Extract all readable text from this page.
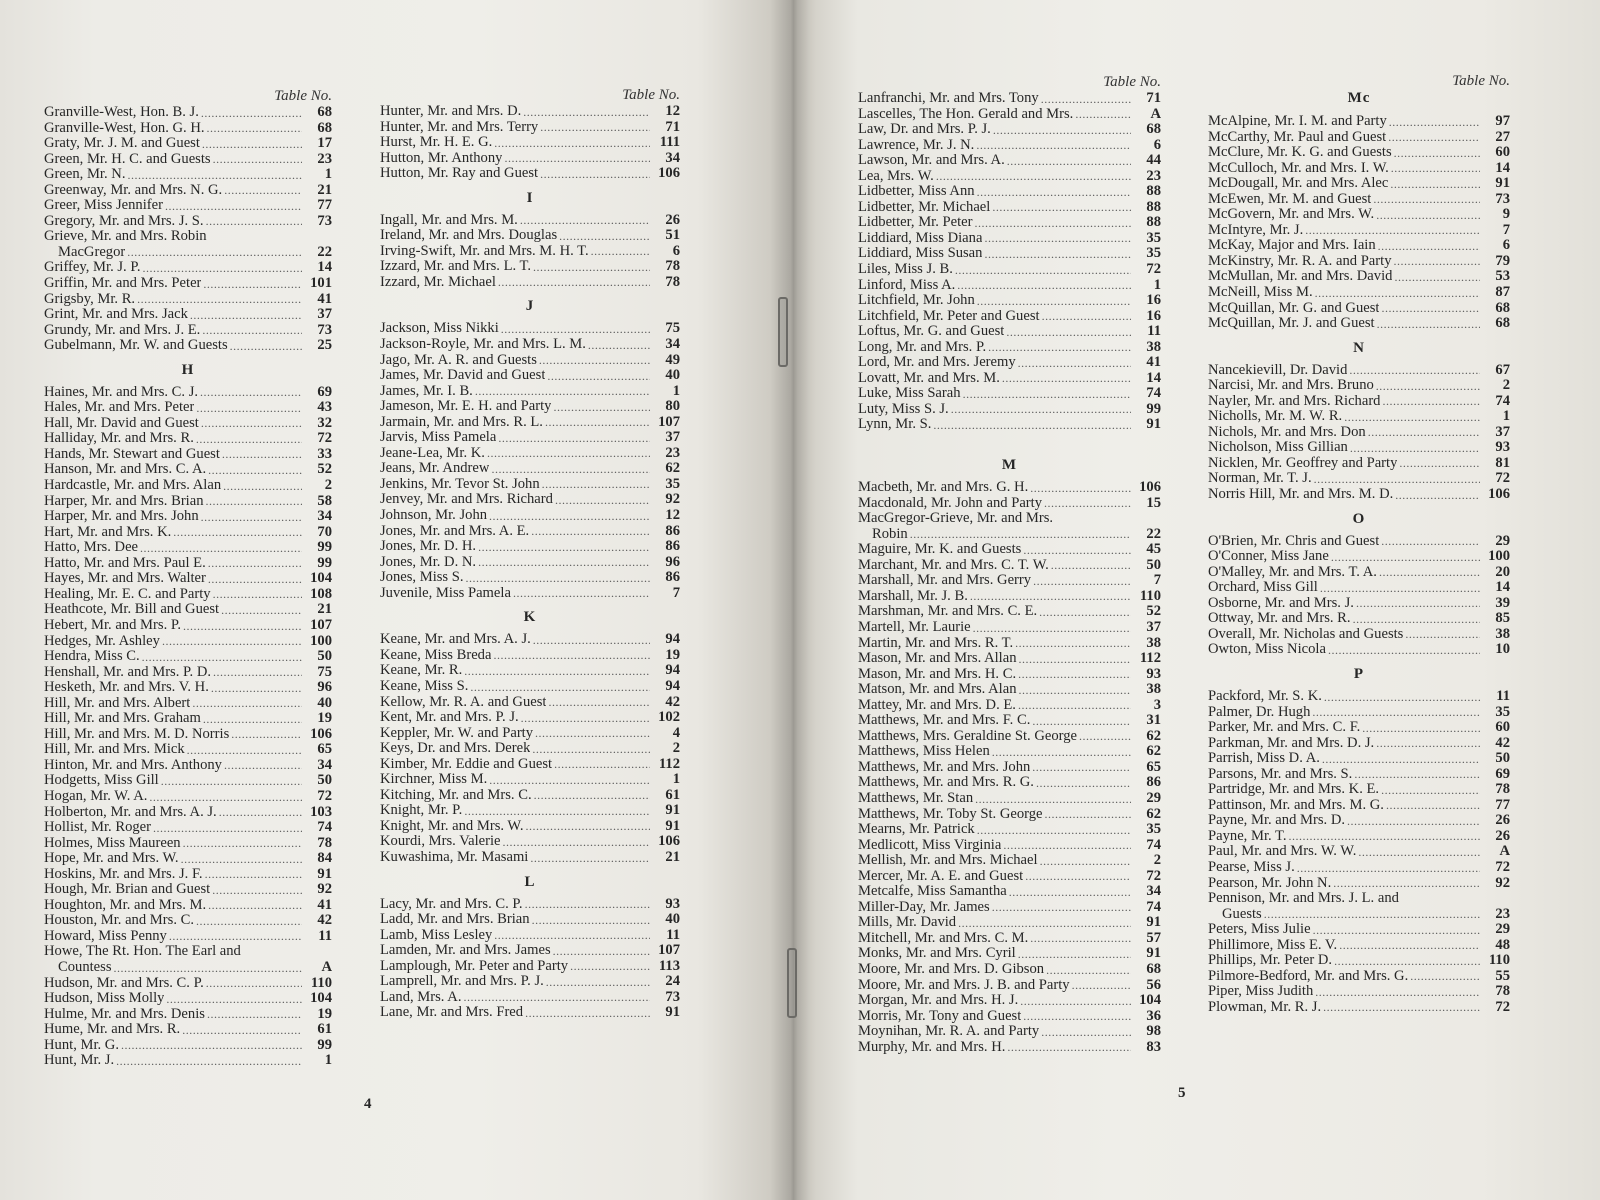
Table No.
Granville-West, Hon. B. J. .....	68
Granville-West, Hon. G. H. .....	68
Graty, Mr. J. M. and Guest .....	17
Green, Mr. H. C. and Guests .....	23
Green, Mr. N. .....	1
Greenway, Mr. and Mrs. N. G. .....	21
Greer, Miss Jennifer .....	77
Gregory, Mr. and Mrs. J. S. .....	73
Grieve, Mr. and Mrs. Robin
MacGregor .....	22
Griffey, Mr. J. P. .....	14
Griffin, Mr. and Mrs. Peter .....	101
Grigsby, Mr. R. .....	41
Grint, Mr. and Mrs. Jack .....	37
Grundy, Mr. and Mrs. J. E. .....	73
Gubelmann, Mr. W. and Guests .....	25
H
Haines, Mr. and Mrs. C. J. .....	69
Hales, Mr. and Mrs. Peter .....	43
Hall, Mr. David and Guest .....	32
Halliday, Mr. and Mrs. R. .....	72
Hands, Mr. Stewart and Guest .....	33
Hanson, Mr. and Mrs. C. A. .....	52
Hardcastle, Mr. and Mrs. Alan .....	2
Harper, Mr. and Mrs. Brian .....	58
Harper, Mr. and Mrs. John .....	34
Hart, Mr. and Mrs. K. .....	70
Hatto, Mrs. Dee .....	99
Hatto, Mr. and Mrs. Paul E. .....	99
Hayes, Mr. and Mrs. Walter .....	104
Healing, Mr. E. C. and Party .....	108
Heathcote, Mr. Bill and Guest .....	21
Hebert, Mr. and Mrs. P. .....	107
Hedges, Mr. Ashley .....	100
Hendra, Miss C. .....	50
Henshall, Mr. and Mrs. P. D. .....	75
Hesketh, Mr. and Mrs. V. H. .....	96
Hill, Mr. and Mrs. Albert .....	40
Hill, Mr. and Mrs. Graham .....	19
Hill, Mr. and Mrs. M. D. Norris .....	106
Hill, Mr. and Mrs. Mick .....	65
Hinton, Mr. and Mrs. Anthony .....	34
Hodgetts, Miss Gill .....	50
Hogan, Mr. W. A. .....	72
Holberton, Mr. and Mrs. A. J. .....	103
Hollist, Mr. Roger .....	74
Holmes, Miss Maureen .....	78
Hope, Mr. and Mrs. W. .....	84
Hoskins, Mr. and Mrs. J. F. .....	91
Hough, Mr. Brian and Guest .....	92
Houghton, Mr. and Mrs. M. .....	41
Houston, Mr. and Mrs. C. .....	42
Howard, Miss Penny .....	11
Howe, The Rt. Hon. The Earl and
Countess .....	A
Hudson, Mr. and Mrs. C. P. .....	110
Hudson, Miss Molly .....	104
Hulme, Mr. and Mrs. Denis .....	19
Hume, Mr. and Mrs. R. .....	61
Hunt, Mr. G. .....	99
Hunt, Mr. J. .....	1
Table No.
Hunter, Mr. and Mrs. D. .....	12
Hunter, Mr. and Mrs. Terry .....	71
Hurst, Mr. H. E. G. .....	111
Hutton, Mr. Anthony .....	34
Hutton, Mr. Ray and Guest .....	106
I
Ingall, Mr. and Mrs. M. .....	26
Ireland, Mr. and Mrs. Douglas .....	51
Irving-Swift, Mr. and Mrs. M. H. T. .....	6
Izzard, Mr. and Mrs. L. T. .....	78
Izzard, Mr. Michael .....	78
J
Jackson, Miss Nikki .....	75
Jackson-Royle, Mr. and Mrs. L. M. .....	34
Jago, Mr. A. R. and Guests .....	49
James, Mr. David and Guest .....	40
James, Mr. I. B. .....	1
Jameson, Mr. E. H. and Party .....	80
Jarmain, Mr. and Mrs. R. L. .....	107
Jarvis, Miss Pamela .....	37
Jeane-Lea, Mr. K. .....	23
Jeans, Mr. Andrew .....	62
Jenkins, Mr. Tevor St. John .....	35
Jenvey, Mr. and Mrs. Richard .....	92
Johnson, Mr. John .....	12
Jones, Mr. and Mrs. A. E. .....	86
Jones, Mr. D. H. .....	86
Jones, Mr. D. N. .....	96
Jones, Miss S. .....	86
Juvenile, Miss Pamela .....	7
K
Keane, Mr. and Mrs. A. J. .....	94
Keane, Miss Breda .....	19
Keane, Mr. R. .....	94
Keane, Miss S. .....	94
Kellow, Mr. R. A. and Guest .....	42
Kent, Mr. and Mrs. P. J. .....	102
Keppler, Mr. W. and Party .....	4
Keys, Dr. and Mrs. Derek .....	2
Kimber, Mr. Eddie and Guest .....	112
Kirchner, Miss M. .....	1
Kitching, Mr. and Mrs. C. .....	61
Knight, Mr. P. .....	91
Knight, Mr. and Mrs. W. .....	91
Kourdi, Mrs. Valerie .....	106
Kuwashima, Mr. Masami .....	21
L
Lacy, Mr. and Mrs. C. P. .....	93
Ladd, Mr. and Mrs. Brian .....	40
Lamb, Miss Lesley .....	11
Lamden, Mr. and Mrs. James .....	107
Lamplough, Mr. Peter and Party .....	113
Lamprell, Mr. and Mrs. P. J. .....	24
Land, Mrs. A. .....	73
Lane, Mr. and Mrs. Fred .....	91
4
Table No.
Lanfranchi, Mr. and Mrs. Tony .....	71
Lascelles, The Hon. Gerald and Mrs. .....	A
Law, Dr. and Mrs. P. J. .....	68
Lawrence, Mr. J. N. .....	6
Lawson, Mr. and Mrs. A. .....	44
Lea, Mrs. W. .....	23
Lidbetter, Miss Ann .....	88
Lidbetter, Mr. Michael .....	88
Lidbetter, Mr. Peter .....	88
Liddiard, Miss Diana .....	35
Liddiard, Miss Susan .....	35
Liles, Miss J. B. .....	72
Linford, Miss A. .....	1
Litchfield, Mr. John .....	16
Litchfield, Mr. Peter and Guest .....	16
Loftus, Mr. G. and Guest .....	11
Long, Mr. and Mrs. P. .....	38
Lord, Mr. and Mrs. Jeremy .....	41
Lovatt, Mr. and Mrs. M. .....	14
Luke, Miss Sarah .....	74
Luty, Miss S. J. .....	99
Lynn, Mr. S. .....	91
M
Macbeth, Mr. and Mrs. G. H. .....	106
Macdonald, Mr. John and Party .....	15
MacGregor-Grieve, Mr. and Mrs.
Robin .....	22
Maguire, Mr. K. and Guests .....	45
Marchant, Mr. and Mrs. C. T. W. .....	50
Marshall, Mr. and Mrs. Gerry .....	7
Marshall, Mr. J. B. .....	110
Marshman, Mr. and Mrs. C. E. .....	52
Martell, Mr. Laurie .....	37
Martin, Mr. and Mrs. R. T. .....	38
Mason, Mr. and Mrs. Allan .....	112
Mason, Mr. and Mrs. H. C. .....	93
Matson, Mr. and Mrs. Alan .....	38
Mattey, Mr. and Mrs. D. E. .....	3
Matthews, Mr. and Mrs. F. C. .....	31
Matthews, Mrs. Geraldine St. George .....	62
Matthews, Miss Helen .....	62
Matthews, Mr. and Mrs. John .....	65
Matthews, Mr. and Mrs. R. G. .....	86
Matthews, Mr. Stan .....	29
Matthews, Mr. Toby St. George .....	62
Mearns, Mr. Patrick .....	35
Medlicott, Miss Virginia .....	74
Mellish, Mr. and Mrs. Michael .....	2
Mercer, Mr. A. E. and Guest .....	72
Metcalfe, Miss Samantha .....	34
Miller-Day, Mr. James .....	74
Mills, Mr. David .....	91
Mitchell, Mr. and Mrs. C. M. .....	57
Monks, Mr. and Mrs. Cyril .....	91
Moore, Mr. and Mrs. D. Gibson .....	68
Moore, Mr. and Mrs. J. B. and Party .....	56
Morgan, Mr. and Mrs. H. J. .....	104
Morris, Mr. Tony and Guest .....	36
Moynihan, Mr. R. A. and Party .....	98
Murphy, Mr. and Mrs. H. .....	83
Table No.
Mc
McAlpine, Mr. I. M. and Party .....	97
McCarthy, Mr. Paul and Guest .....	27
McClure, Mr. K. G. and Guests .....	60
McCulloch, Mr. and Mrs. I. W. .....	14
McDougall, Mr. and Mrs. Alec .....	91
McEwen, Mr. M. and Guest .....	73
McGovern, Mr. and Mrs. W. .....	9
McIntyre, Mr. J. .....	7
McKay, Major and Mrs. Iain .....	6
McKinstry, Mr. R. A. and Party .....	79
McMullan, Mr. and Mrs. David .....	53
McNeill, Miss M. .....	87
McQuillan, Mr. G. and Guest .....	68
McQuillan, Mr. J. and Guest .....	68
N
Nancekievill, Dr. David .....	67
Narcisi, Mr. and Mrs. Bruno .....	2
Nayler, Mr. and Mrs. Richard .....	74
Nicholls, Mr. M. W. R. .....	1
Nichols, Mr. and Mrs. Don .....	37
Nicholson, Miss Gillian .....	93
Nicklen, Mr. Geoffrey and Party .....	81
Norman, Mr. T. J. .....	72
Norris Hill, Mr. and Mrs. M. D. .....	106
O
O'Brien, Mr. Chris and Guest .....	29
O'Conner, Miss Jane .....	100
O'Malley, Mr. and Mrs. T. A. .....	20
Orchard, Miss Gill .....	14
Osborne, Mr. and Mrs. J. .....	39
Ottway, Mr. and Mrs. R. .....	85
Overall, Mr. Nicholas and Guests .....	38
Owton, Miss Nicola .....	10
P
Packford, Mr. S. K. .....	11
Palmer, Dr. Hugh .....	35
Parker, Mr. and Mrs. C. F. .....	60
Parkman, Mr. and Mrs. D. J. .....	42
Parrish, Miss D. A. .....	50
Parsons, Mr. and Mrs. S. .....	69
Partridge, Mr. and Mrs. K. E. .....	78
Pattinson, Mr. and Mrs. M. G. .....	77
Payne, Mr. and Mrs. D. .....	26
Payne, Mr. T. .....	26
Paul, Mr. and Mrs. W. W. .....	A
Pearse, Miss J. .....	72
Pearson, Mr. John N. .....	92
Pennison, Mr. and Mrs. J. L. and
Guests .....	23
Peters, Miss Julie .....	29
Phillimore, Miss E. V. .....	48
Phillips, Mr. Peter D. .....	110
Pilmore-Bedford, Mr. and Mrs. G. .....	55
Piper, Miss Judith .....	78
Plowman, Mr. R. J. .....	72
5
